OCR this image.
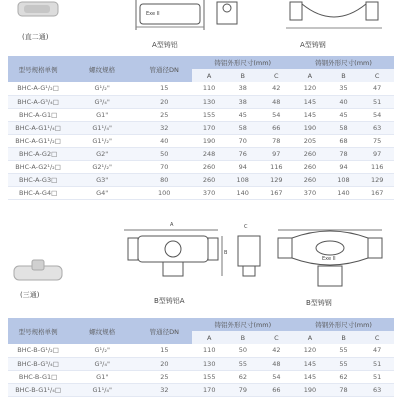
(直二通)
Exe II
A型铸铝	A型铸钢
型号规格单例	螺纹规格	管通径DN	铸铝外形尺寸(mm)			铸钢外形尺寸(mm)		
			A	B	C	A	B	C
BHC-A-G¹/₂□	G¹/₂"	15	110	38	42	120	35	47
BHC-A-G³/₄□	G³/₄"	20	130	38	48	145	40	51
BHC-A-G1□	G1"	25	155	45	54	145	45	54
BHC-A-G1¹/₄□	G1¹/₄"	32	170	58	66	190	58	63
BHC-A-G1¹/₂□	G1¹/₂"	40	190	70	78	205	68	75
BHC-A-G2□	G2"	50	248	76	97	260	78	97
BHC-A-G2¹/₂□	G2¹/₂"	70	260	94	116	260	94	116
BHC-A-G3□	G3"	80	260	108	129	260	108	129
BHC-A-G4□	G4"	100	370	140	167	370	140	167
(三通)
A
B
C
B型铸铝A
Exe II
B型铸钢
型号规格单例	螺纹规格	管通径DN	铸铝外形尺寸(mm)			铸钢外形尺寸(mm)		
			A	B	C	A	B	C
BHC-B-G¹/₂□	G¹/₂"	15	110	50	42	120	55	47
BHC-B-G³/₄□	G³/₄"	20	130	55	48	145	55	51
BHC-B-G1□	G1"	25	155	62	54	145	62	51
BHC-B-G1¹/₄□	G1¹/₄"	32	170	79	66	190	78	63
